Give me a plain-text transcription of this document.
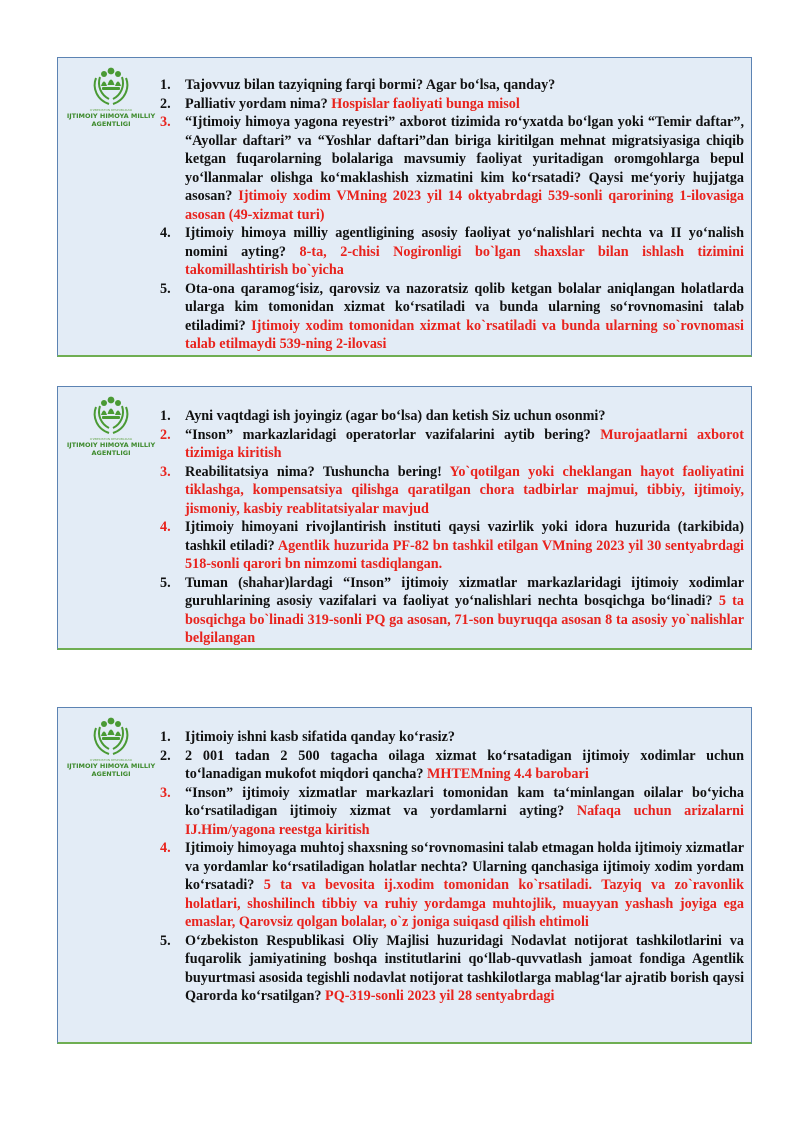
O'ZBEKISTON RESPUBLIKASI
IJTIMOIY HIMOYA MILLIY
AGENTLIGI
1. Tajovvuz bilan tazyiqning farqi bormi? Agar bo‘lsa, qanday?
2. Palliativ yordam nima? Hospislar faoliyati bunga misol
3. “Ijtimoiy himoya yagona reyestri” axborot tizimida ro‘yxatda bo‘lgan yoki “Temir daftar”, “Ayollar daftari” va “Yoshlar daftari”dan biriga kiritilgan mehnat migratsiyasiga chiqib ketgan fuqarolarning bolalariga mavsumiy faoliyat yuritadigan oromgohlarga bepul yo‘llanmalar olishga ko‘maklashish xizmatini kim ko‘rsatadi? Qaysi me‘yoriy hujjatga asosan? Ijtimoiy xodim VMning 2023 yil 14 oktyabrdagi 539-sonli qarorining 1-ilovasiga asosan (49-xizmat turi)
4. Ijtimoiy himoya milliy agentligining asosiy faoliyat yo‘nalishlari nechta va II yo‘nalish nomini ayting? 8-ta, 2-chisi Nogironligi bo`lgan shaxslar bilan ishlash tizimini takomillashtirish bo`yicha
5. Ota-ona qaramog‘isiz, qarovsiz va nazoratsiz qolib ketgan bolalar aniqlangan holatlarda ularga kim tomonidan xizmat ko‘rsatiladi va bunda ularning so‘rovnomasini talab etiladimi? Ijtimoiy xodim tomonidan xizmat ko`rsatiladi va bunda ularning so`rovnomasi talab etilmaydi 539-ning 2-ilovasi
O'ZBEKISTON RESPUBLIKASI
IJTIMOIY HIMOYA MILLIY
AGENTLIGI
1. Ayni vaqtdagi ish joyingiz (agar bo‘lsa) dan ketish Siz uchun osonmi?
2. “Inson” markazlaridagi operatorlar vazifalarini aytib bering? Murojaatlarni axborot tizimiga kiritish
3. Reabilitatsiya nima? Tushuncha bering! Yo`qotilgan yoki cheklangan hayot faoliyatini tiklashga, kompensatsiya qilishga qaratilgan chora tadbirlar majmui, tibbiy, ijtimoiy, jismoniy, kasbiy reablitatsiyalar mavjud
4. Ijtimoiy himoyani rivojlantirish instituti qaysi vazirlik yoki idora huzurida (tarkibida) tashkil etiladi? Agentlik huzurida PF-82 bn tashkil etilgan VMning 2023 yil 30 sentyabrdagi 518-sonli qarori bn nimzomi tasdiqlangan.
5. Tuman (shahar)lardagi “Inson” ijtimoiy xizmatlar markazlaridagi ijtimoiy xodimlar guruhlarining asosiy vazifalari va faoliyat yo‘nalishlari nechta bosqichga bo‘linadi? 5 ta bosqichga bo`linadi 319-sonli PQ ga asosan, 71-son buyruqqa asosan 8 ta asosiy yo`nalishlar belgilangan
O'ZBEKISTON RESPUBLIKASI
IJTIMOIY HIMOYA MILLIY
AGENTLIGI
1. Ijtimoiy ishni kasb sifatida qanday ko‘rasiz?
2. 2 001 tadan 2 500 tagacha oilaga xizmat ko‘rsatadigan ijtimoiy xodimlar uchun to‘lanadigan mukofot miqdori qancha? MHTEMning 4.4 barobari
3. “Inson” ijtimoiy xizmatlar markazlari tomonidan kam ta‘minlangan oilalar bo‘yicha ko‘rsatiladigan ijtimoiy xizmat va yordamlarni ayting? Nafaqa uchun arizalarni IJ.Him/yagona reestga kiritish
4. Ijtimoiy himoyaga muhtoj shaxsning so‘rovnomasini talab etmagan holda ijtimoiy xizmatlar va yordamlar ko‘rsatiladigan holatlar nechta? Ularning qanchasiga ijtimoiy xodim yordam ko‘rsatadi? 5 ta va bevosita ij.xodim tomonidan ko`rsatiladi. Tazyiq va zo`ravonlik holatlari, shoshilinch tibbiy va ruhiy yordamga muhtojlik, muayyan yashash joyiga ega emaslar, Qarovsiz qolgan bolalar, o`z joniga suiqasd qilish ehtimoli
5. O‘zbekiston Respublikasi Oliy Majlisi huzuridagi Nodavlat notijorat tashkilotlarini va fuqarolik jamiyatining boshqa institutlarini qo‘llab-quvvatlash jamoat fondiga Agentlik buyurtmasi asosida tegishli nodavlat notijorat tashkilotlarga mablag‘lar ajratib borish qaysi Qarorda ko‘rsatilgan? PQ-319-sonli 2023 yil 28 sentyabrdagi
